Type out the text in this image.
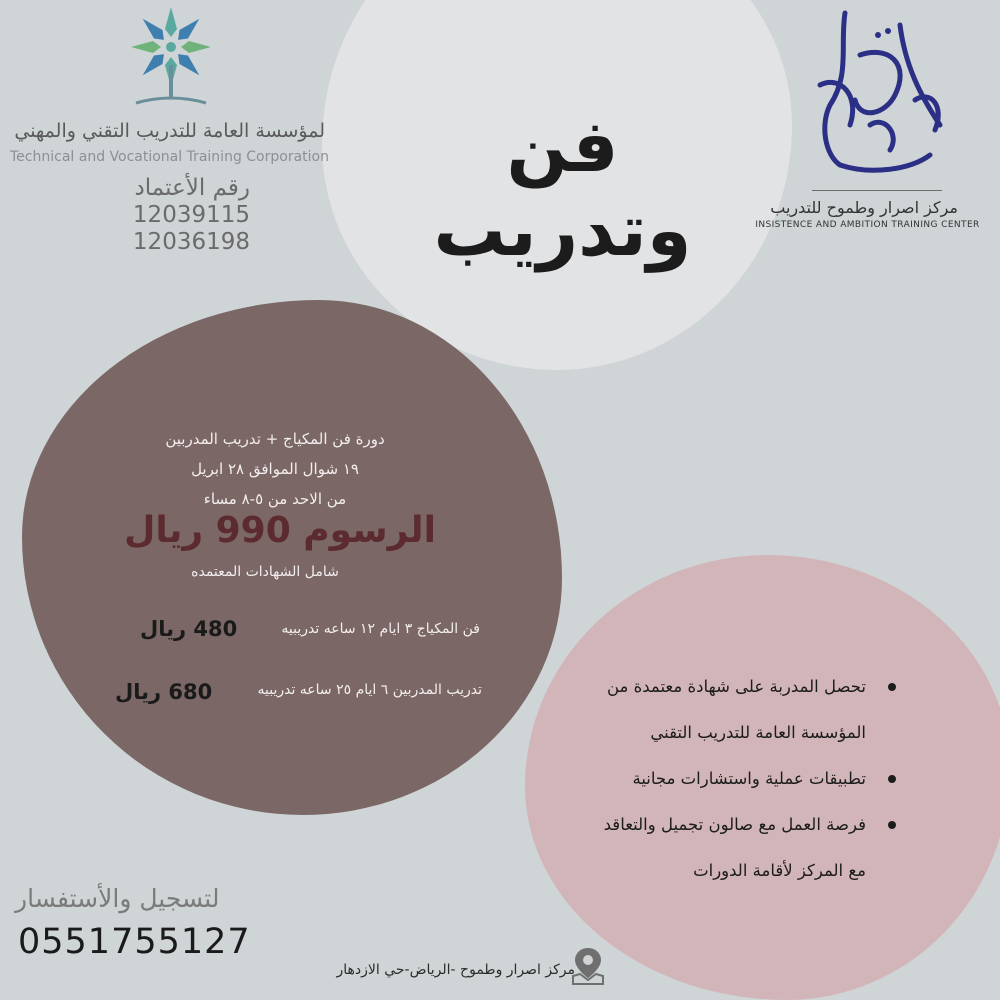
لمؤسسة العامة للتدريب التقني والمهني
Technical and Vocational Training Corporation
رقم الأعتماد
12039115
12036198
فن وتدريب	مركز اصرار وطموح للتدريب
INSISTENCE AND AMBITION TRAINING CENTER
دورة فن المكياج + تدريب المدربين
١٩ شوال الموافق ٢٨ ابريل
من الاحد من ٥-٨ مساء
الرسوم 990 ريال
شامل الشهادات المعتمده
فن المكياج ٣ ايام ١٢ ساعه تدريبيه
480 ريال
تدريب المدربين ٦ ايام ٢٥ ساعه تدريبيه
680 ريال	تحصل المدربة على شهادة معتمدة من
المؤسسة العامة للتدريب التقني
تطبيقات عملية واستشارات مجانية
فرصة العمل مع صالون تجميل والتعاقد
مع المركز لأقامة الدورات
لتسجيل والأستفسار
0551755127
مركز اصرار وطموح -الرياض-حي الازدهار
